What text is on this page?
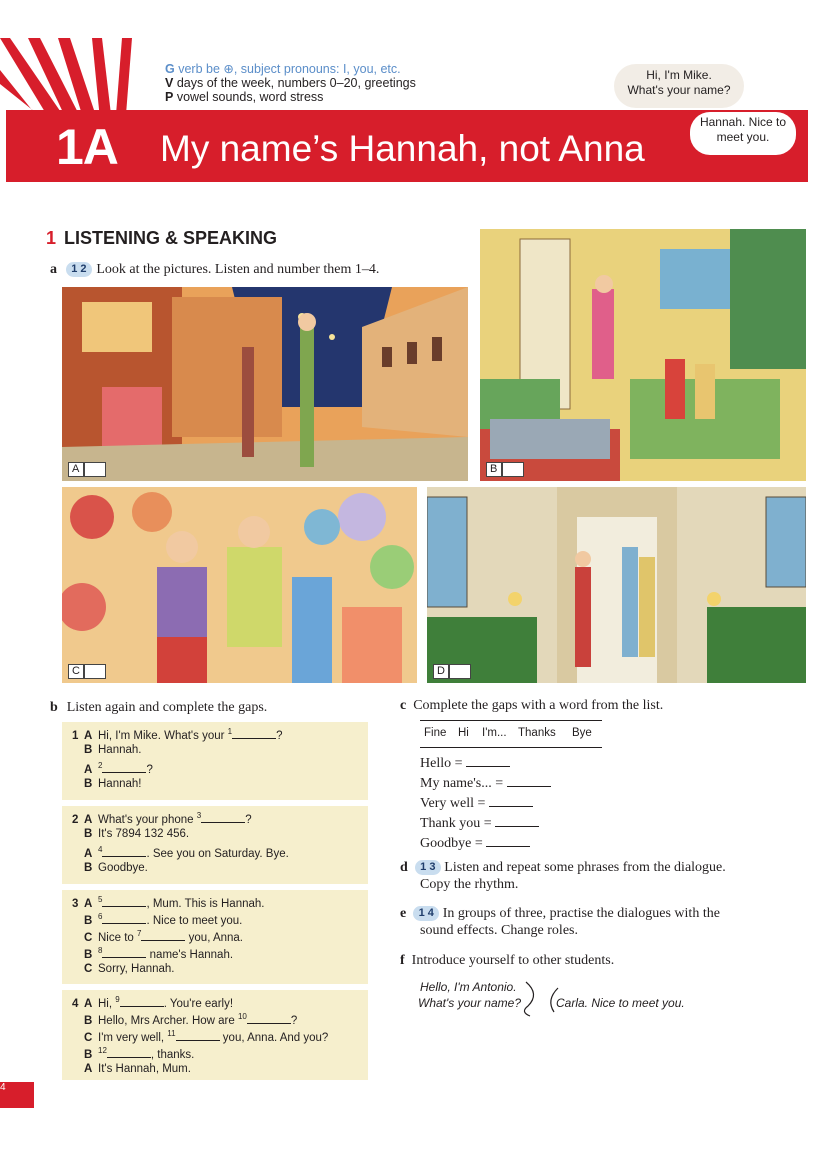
G verb be ⊕, subject pronouns: I, you, etc.
V days of the week, numbers 0–20, greetings
P vowel sounds, word stress
Hi, I'm Mike.
What's your name?
1A My name’s Hannah, not Anna
Hannah. Nice to
meet you.
1 LISTENING & SPEAKING
a 1 2 Look at the pictures. Listen and number them 1–4.
A	B
C	D
b Listen again and complete the gaps.
1 A Hi, I'm Mike. What's your $^1$	?
B Hannah.
A $^2$	?
B Hannah!
2 A What's your phone $^3$	?
B It's 7894 132 456.
A $^4$	. See you on Saturday. Bye.
B Goodbye.
3 A $^5$	, Mum. This is Hannah.
B $^6$	. Nice to meet you.
C Nice to $^7$	you, Anna.
B $^8$	name's Hannah.
C Sorry, Hannah.
4 A Hi, $^9$	. You're early!
B Hello, Mrs Archer. How are $^{10}$	?
C I'm very well, $^{11}$	you, Anna. And you?
B $^{12}$	, thanks.
A It's Hannah, Mum.
c Complete the gaps with a word from the list.
Fine Hi I'm... Thanks Bye
Hello =
My name's... =
Very well =
Thank you =
Goodbye =
d 1 3 Listen and repeat some phrases from the dialogue.
Copy the rhythm.
e 1 4 In groups of three, practise the dialogues with the
sound effects. Change roles.
f Introduce yourself to other students.
Hello, I'm Antonio.
What's your name?	Carla. Nice to meet you.
4
